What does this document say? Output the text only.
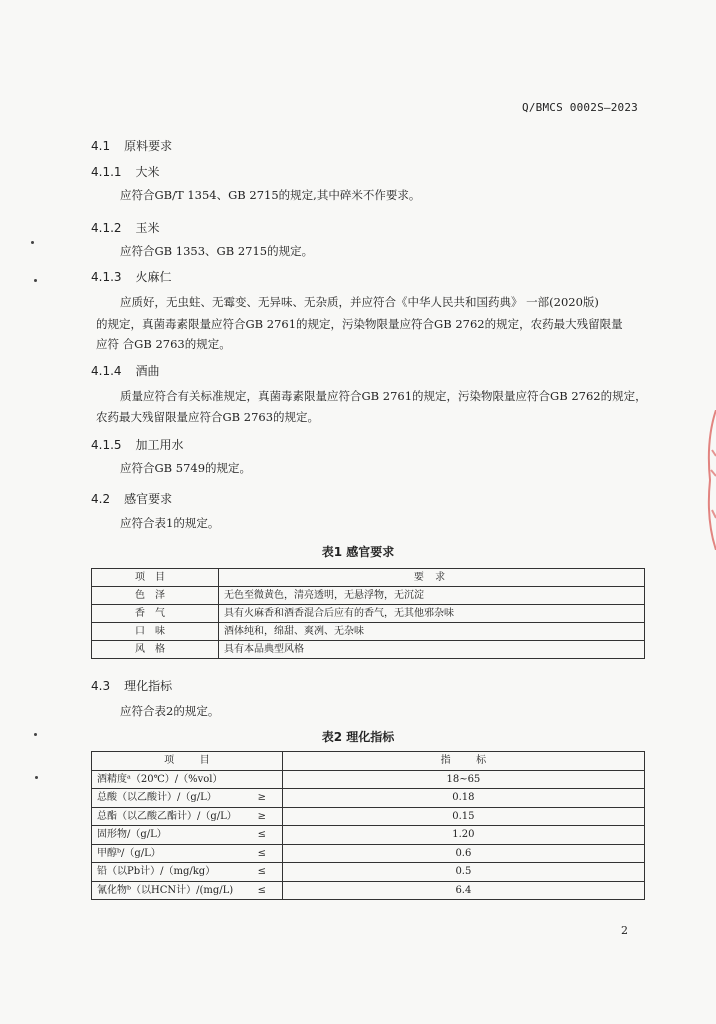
Q/BMCS 0002S—2023
4.1 原料要求
4.1.1 大米
应符合GB/T 1354、GB 2715的规定,其中碎米不作要求。
4.1.2 玉米
应符合GB 1353、GB 2715的规定。
4.1.3 火麻仁
应质好，无虫蛀、无霉变、无异味、无杂质，并应符合《中华人民共和国药典》 一部(2020版)
的规定，真菌毒素限量应符合GB 2761的规定，污染物限量应符合GB 2762的规定，农药最大残留限量
应符 合GB 2763的规定。
4.1.4 酒曲
质量应符合有关标准规定，真菌毒素限量应符合GB 2761的规定，污染物限量应符合GB 2762的规定，
农药最大残留限量应符合GB 2763的规定。
4.1.5 加工用水
应符合GB 5749的规定。
4.2 感官要求
应符合表1的规定。
表1 感官要求
项目	要 求
色泽	无色至微黄色，清亮透明，无悬浮物，无沉淀
香气	具有火麻香和酒香混合后应有的香气，无其他邪杂味
口味	酒体纯和，绵甜、爽冽、无杂味
风格	具有本品典型风格
4.3 理化指标
应符合表2的规定。
表2 理化指标
项        目		指        标
酒精度ᵃ（20℃）/（%vol）		18~65
总酸（以乙酸计）/（g/L）	≥	0.18
总酯（以乙酸乙酯计）/（g/L）	≥	0.15
固形物/（g/L）	≤	1.20
甲醇ᵇ/（g/L）	≤	0.6
铅（以Pb计）/（mg/kg）	≤	0.5
氰化物ᵇ（以HCN计）/(mg/L)	≤	6.4
2
